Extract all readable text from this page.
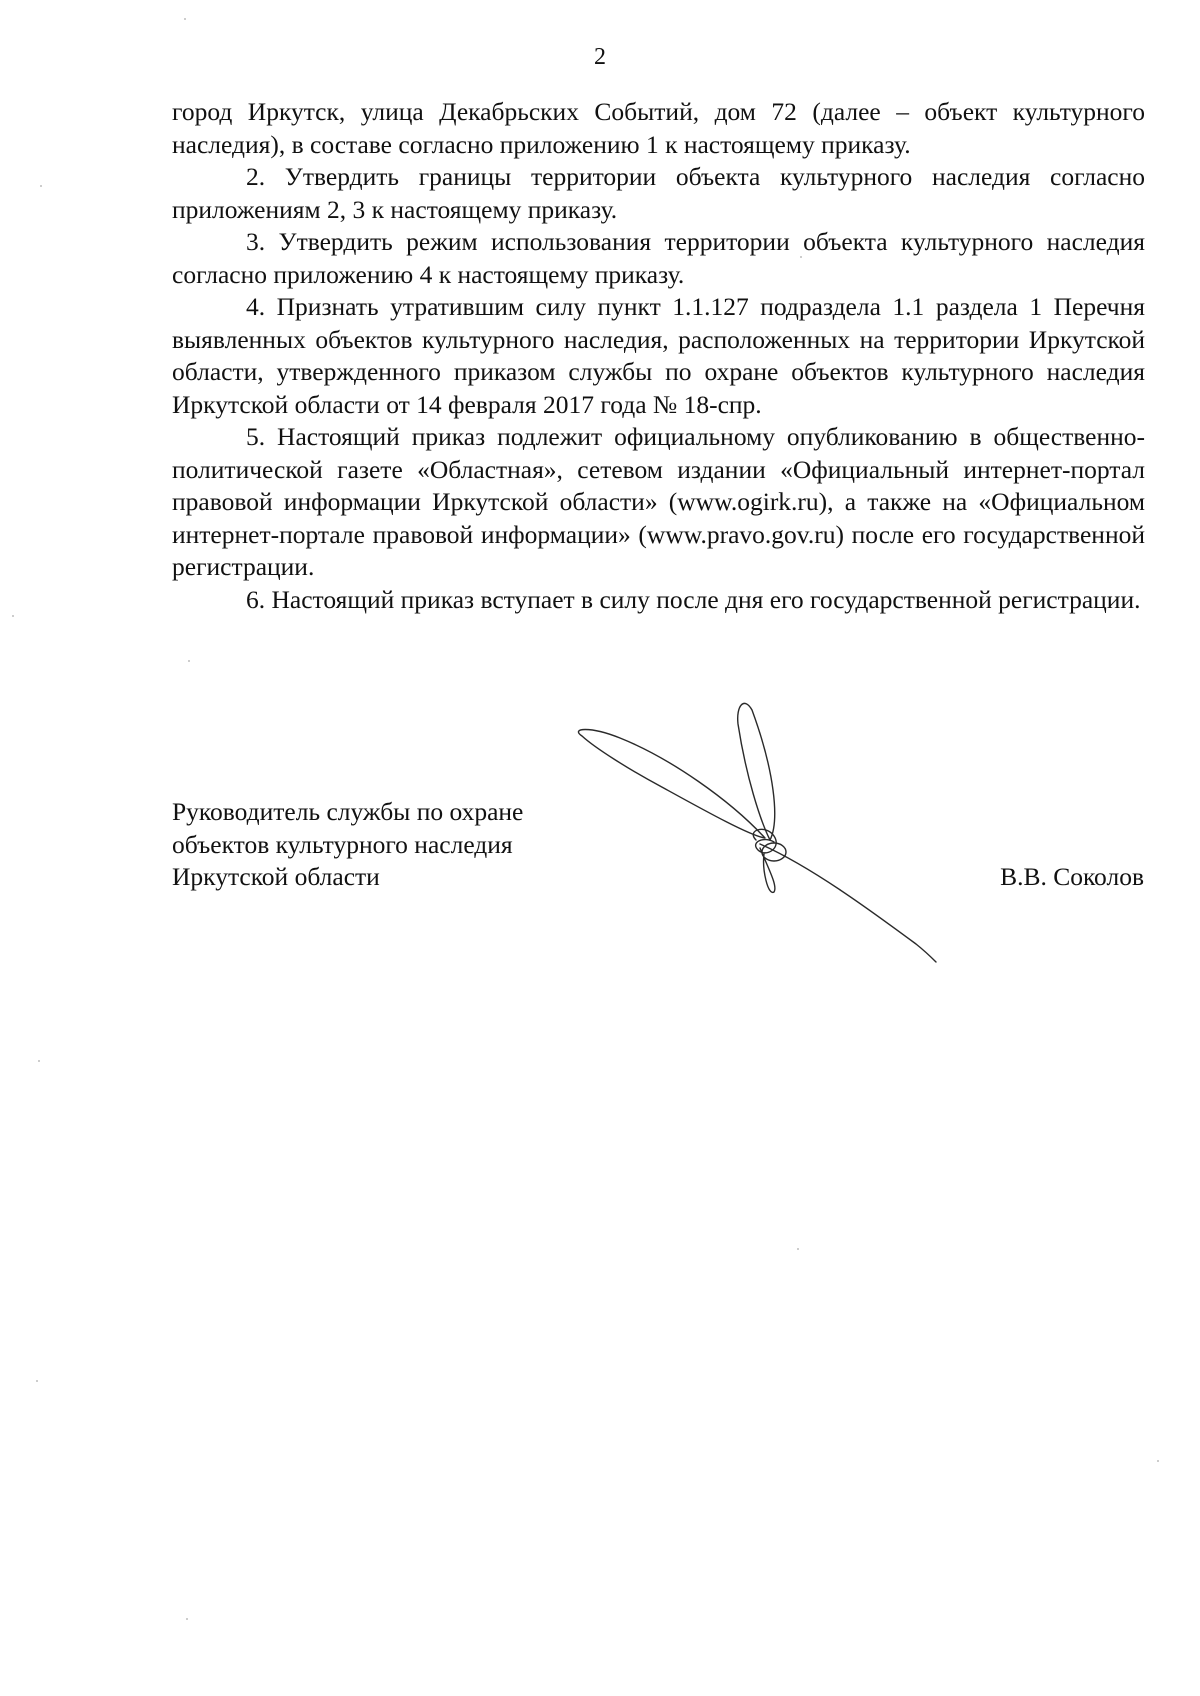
2

город Иркутск, улица Декабрьских Событий, дом 72 (далее – объект культурного наследия), в составе согласно приложению 1 к настоящему приказу.

2. Утвердить границы территории объекта культурного наследия согласно приложениям 2, 3 к настоящему приказу.

3. Утвердить режим использования территории объекта культурного наследия согласно приложению 4 к настоящему приказу.

4. Признать утратившим силу пункт 1.1.127 подраздела 1.1 раздела 1 Перечня выявленных объектов культурного наследия, расположенных на территории Иркутской области, утвержденного приказом службы по охране объектов культурного наследия Иркутской области от 14 февраля 2017 года № 18-спр.

5. Настоящий приказ подлежит официальному опубликованию в общественно-политической газете «Областная», сетевом издании «Официальный интернет-портал правовой информации Иркутской области» (www.ogirk.ru), а также на «Официальном интернет-портале правовой информации» (www.pravo.gov.ru) после его государственной регистрации.

6. Настоящий приказ вступает в силу после дня его государственной регистрации.

Руководитель службы по охране
объектов культурного наследия
Иркутской области	В.В. Соколов
